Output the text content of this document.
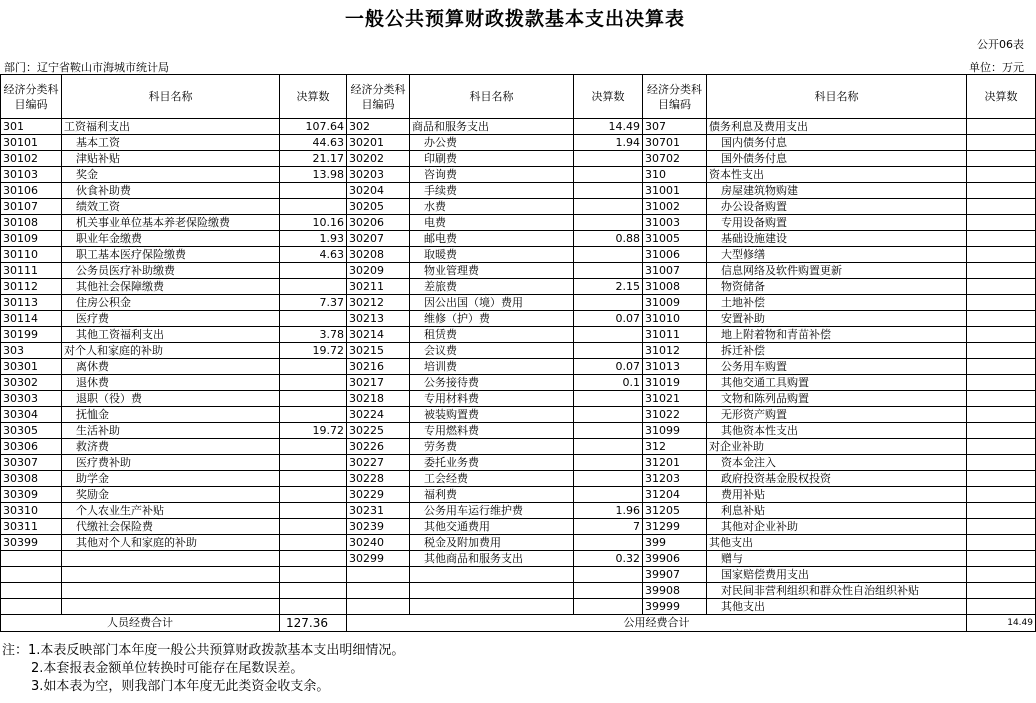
一般公共预算财政拨款基本支出决算表
公开06表
部门：辽宁省鞍山市海城市统计局	单位：万元
经济分类科目编码	科目名称	决算数	经济分类科目编码	科目名称	决算数	经济分类科目编码	科目名称	决算数
301	工资福利支出	107.64	302	商品和服务支出	14.49	307	债务利息及费用支出	
30101	基本工资	44.63	30201	办公费	1.94	30701	国内债务付息	
30102	津贴补贴	21.17	30202	印刷费		30702	国外债务付息	
30103	奖金	13.98	30203	咨询费		310	资本性支出	
30106	伙食补助费		30204	手续费		31001	房屋建筑物购建	
30107	绩效工资		30205	水费		31002	办公设备购置	
30108	机关事业单位基本养老保险缴费	10.16	30206	电费		31003	专用设备购置	
30109	职业年金缴费	1.93	30207	邮电费	0.88	31005	基础设施建设	
30110	职工基本医疗保险缴费	4.63	30208	取暖费		31006	大型修缮	
30111	公务员医疗补助缴费		30209	物业管理费		31007	信息网络及软件购置更新	
30112	其他社会保障缴费		30211	差旅费	2.15	31008	物资储备	
30113	住房公积金	7.37	30212	因公出国（境）费用		31009	土地补偿	
30114	医疗费		30213	维修（护）费	0.07	31010	安置补助	
30199	其他工资福利支出	3.78	30214	租赁费		31011	地上附着物和青苗补偿	
303	对个人和家庭的补助	19.72	30215	会议费		31012	拆迁补偿	
30301	离休费		30216	培训费	0.07	31013	公务用车购置	
30302	退休费		30217	公务接待费	0.1	31019	其他交通工具购置	
30303	退职（役）费		30218	专用材料费		31021	文物和陈列品购置	
30304	抚恤金		30224	被装购置费		31022	无形资产购置	
30305	生活补助	19.72	30225	专用燃料费		31099	其他资本性支出	
30306	救济费		30226	劳务费		312	对企业补助	
30307	医疗费补助		30227	委托业务费		31201	资本金注入	
30308	助学金		30228	工会经费		31203	政府投资基金股权投资	
30309	奖励金		30229	福利费		31204	费用补贴	
30310	个人农业生产补贴		30231	公务用车运行维护费	1.96	31205	利息补贴	
30311	代缴社会保险费		30239	其他交通费用	7	31299	其他对企业补助	
30399	其他对个人和家庭的补助		30240	税金及附加费用		399	其他支出	
			30299	其他商品和服务支出	0.32	39906	赠与	
						39907	国家赔偿费用支出	
						39908	对民间非营利组织和群众性自治组织补贴	
						39999	其他支出	
人员经费合计		127.36	公用经费合计					14.49
注：1.本表反映部门本年度一般公共预算财政拨款基本支出明细情况。
2.本套报表金额单位转换时可能存在尾数误差。
3.如本表为空，则我部门本年度无此类资金收支余。
